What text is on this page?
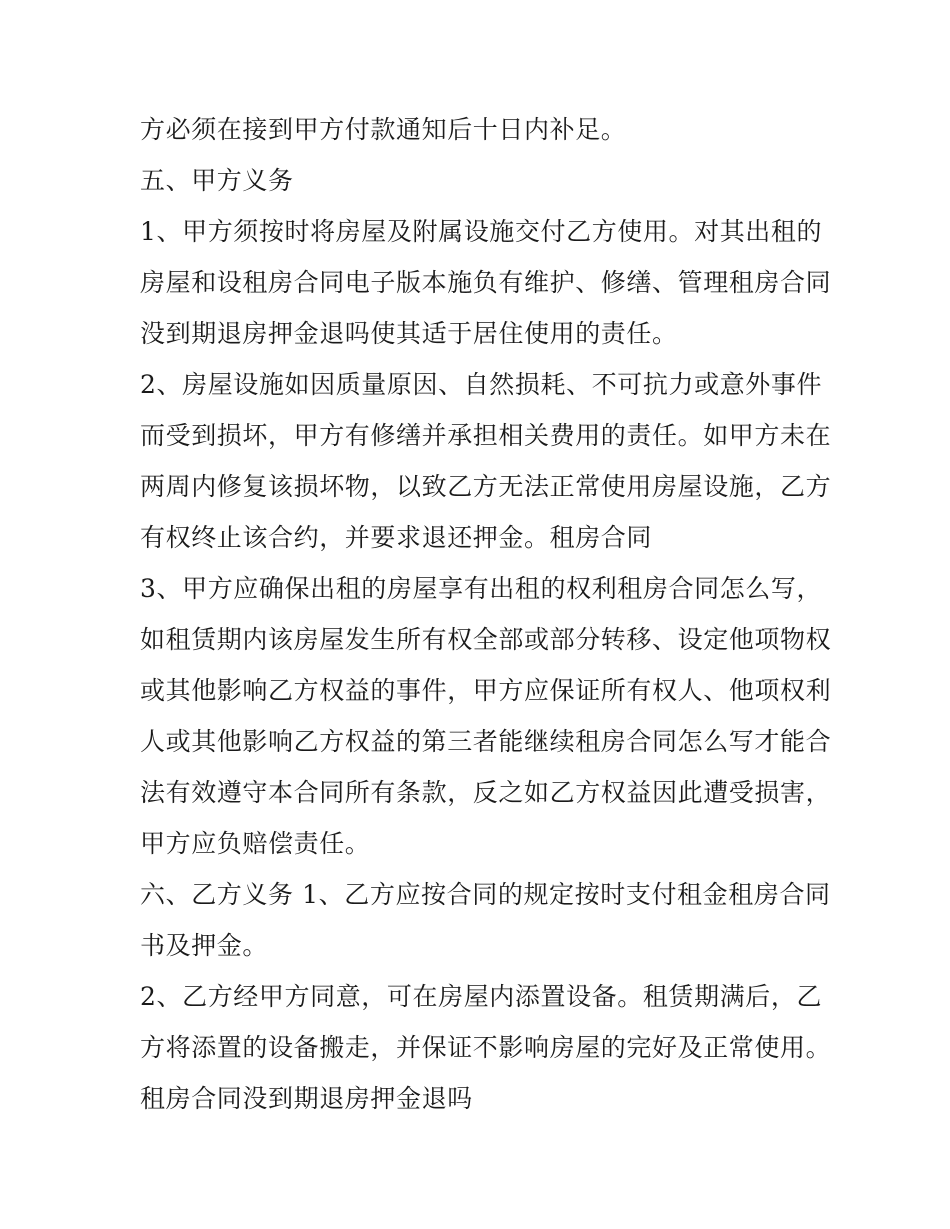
方必须在接到甲方付款通知后十日内补足。
五、甲方义务
1、甲方须按时将房屋及附属设施交付乙方使用。对其出租的
房屋和设租房合同电子版本施负有维护、修缮、管理租房合同
没到期退房押金退吗使其适于居住使用的责任。
2、房屋设施如因质量原因、自然损耗、不可抗力或意外事件
而受到损坏，甲方有修缮并承担相关费用的责任。如甲方未在
两周内修复该损坏物，以致乙方无法正常使用房屋设施，乙方
有权终止该合约，并要求退还押金。租房合同
3、甲方应确保出租的房屋享有出租的权利租房合同怎么写，
如租赁期内该房屋发生所有权全部或部分转移、设定他项物权
或其他影响乙方权益的事件，甲方应保证所有权人、他项权利
人或其他影响乙方权益的第三者能继续租房合同怎么写才能合
法有效遵守本合同所有条款，反之如乙方权益因此遭受损害，
甲方应负赔偿责任。
六、乙方义务 1、乙方应按合同的规定按时支付租金租房合同
书及押金。
2、乙方经甲方同意，可在房屋内添置设备。租赁期满后，乙
方将添置的设备搬走，并保证不影响房屋的完好及正常使用。
租房合同没到期退房押金退吗
